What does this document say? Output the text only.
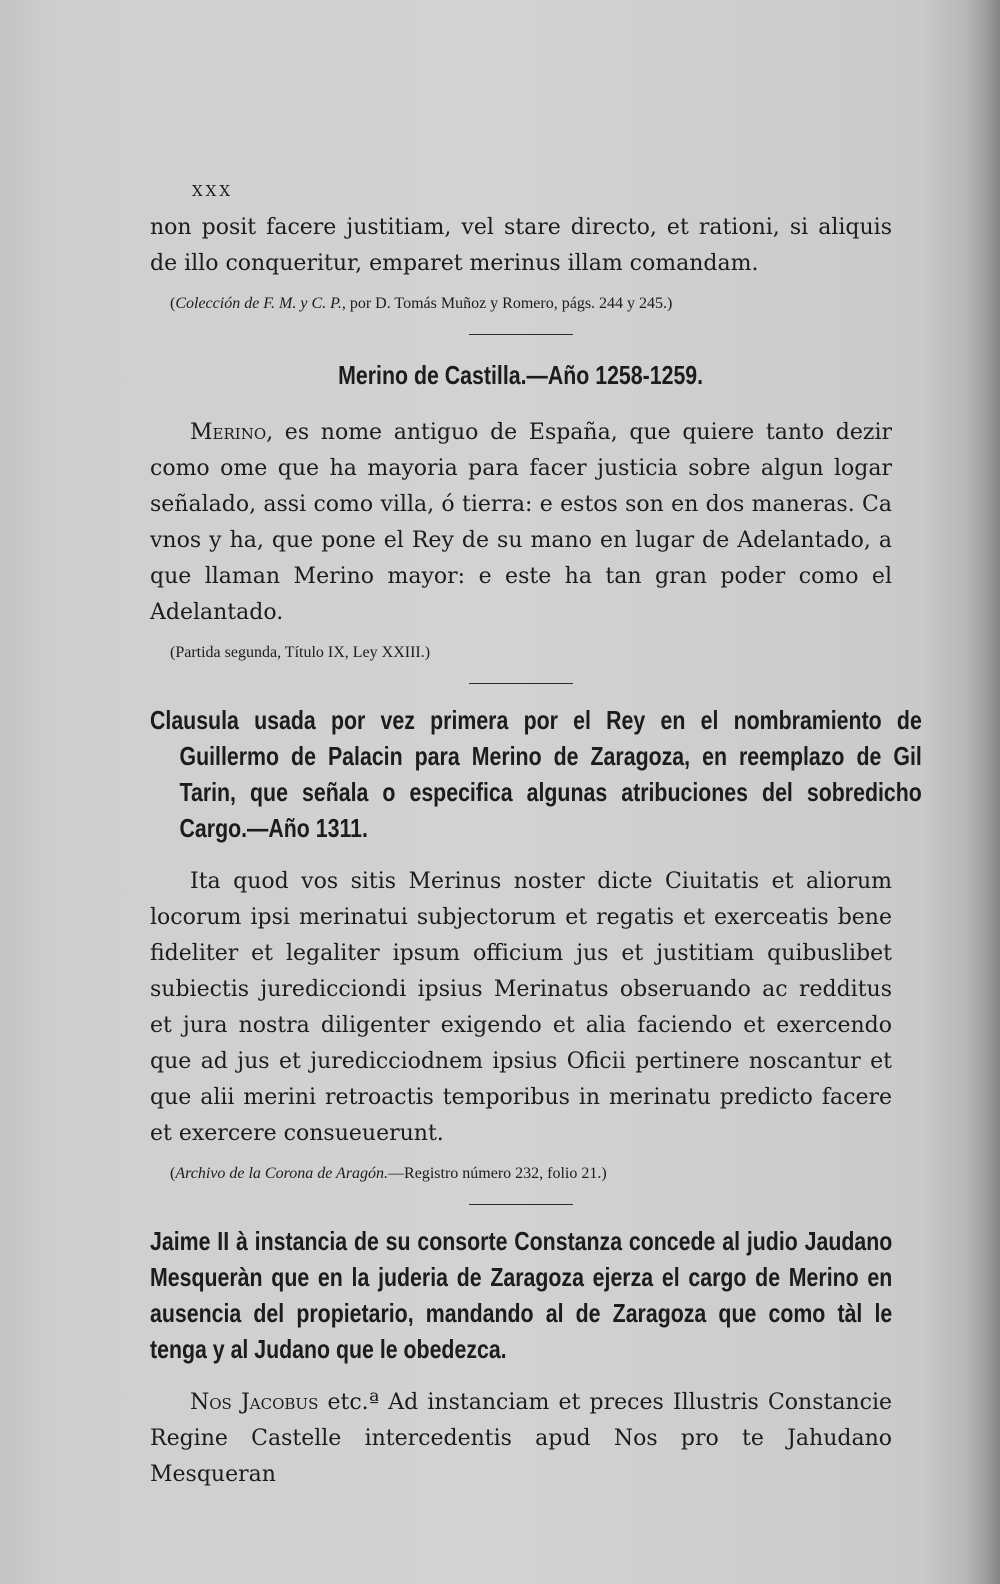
XXX

non posit facere justitiam, vel stare directo, et rationi, si aliquis de illo conqueritur, emparet merinus illam comandam.

(Colección de F. M. y C. P., por D. Tomás Muñoz y Romero, págs. 244 y 245.)
Merino de Castilla.—Año 1258-1259.

Merino, es nome antiguo de España, que quiere tanto dezir como ome que ha mayoria para facer justicia sobre algun logar señalado, assi como villa, ó tierra: e estos son en dos maneras. Ca vnos y ha, que pone el Rey de su mano en lugar de Adelantado, a que llaman Merino mayor: e este ha tan gran poder como el Adelantado.

(Partida segunda, Título IX, Ley XXIII.)
Clausula usada por vez primera por el Rey en el nombramiento de Guillermo de Palacin para Merino de Zaragoza, en reemplazo de Gil Tarin, que señala o especifica algunas atribuciones del sobredicho Cargo.—Año 1311.

Ita quod vos sitis Merinus noster dicte Ciuitatis et aliorum locorum ipsi merinatui subjectorum et regatis et exerceatis bene fideliter et legaliter ipsum officium jus et justitiam quibuslibet subiectis juredicciondi ipsius Merinatus obseruando ac redditus et jura nostra diligenter exigendo et alia faciendo et exercendo que ad jus et juredicciodnem ipsius Oficii pertinere noscantur et que alii merini retroactis temporibus in merinatu predicto facere et exercere consueuerunt.

(Archivo de la Corona de Aragón.—Registro número 232, folio 21.)
Jaime II à instancia de su consorte Constanza concede al judio Jaudano Mesqueràn que en la juderia de Zaragoza ejerza el cargo de Merino en ausencia del propietario, mandando al de Zaragoza que como tàl le tenga y al Judano que le obedezca.

Nos Jacobus etc.ª Ad instanciam et preces Illustris Constancie Regine Castelle intercedentis apud Nos pro te Jahudano Mesqueran
